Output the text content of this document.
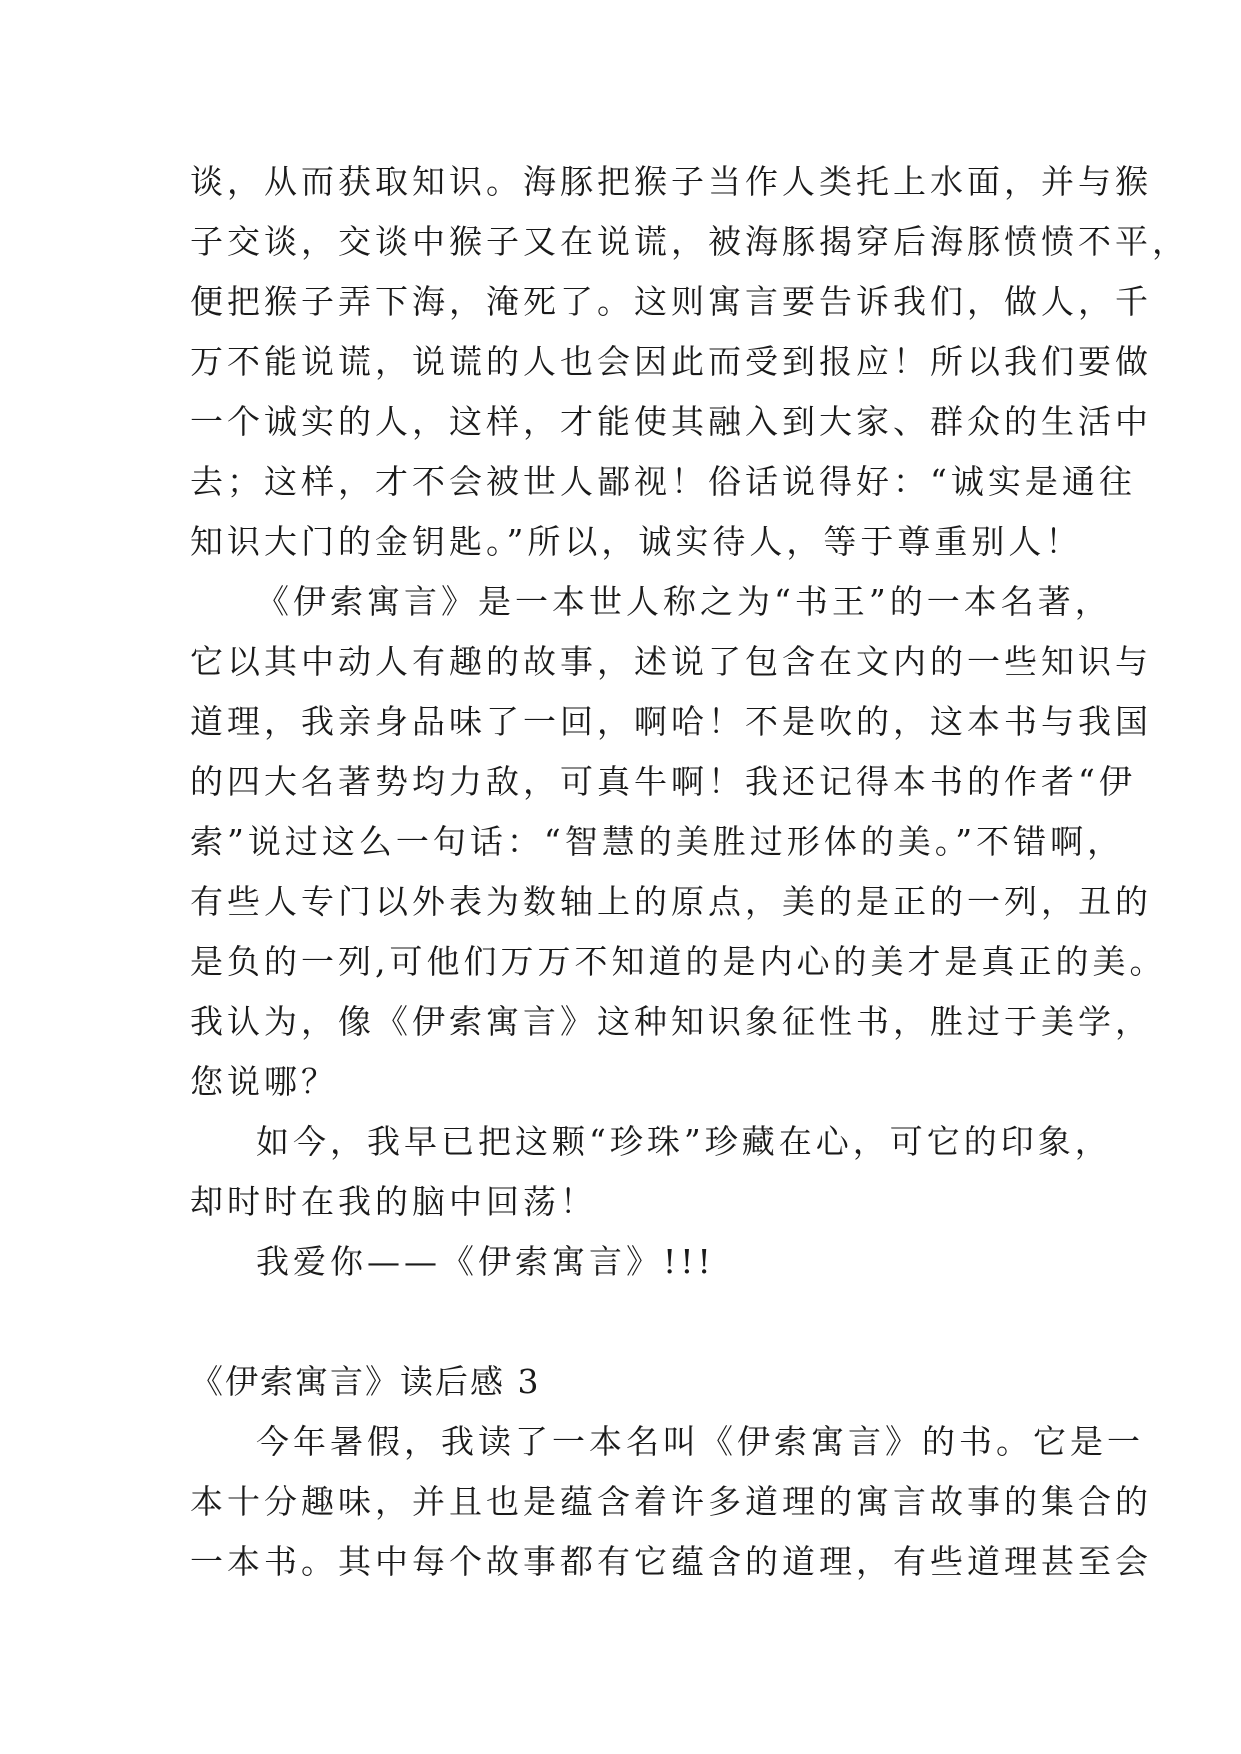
谈，从而获取知识。海豚把猴子当作人类托上水面，并与猴
子交谈，交谈中猴子又在说谎，被海豚揭穿后海豚愤愤不平，
便把猴子弄下海，淹死了。这则寓言要告诉我们，做人，千
万不能说谎，说谎的人也会因此而受到报应！所以我们要做
一个诚实的人，这样，才能使其融入到大家、群众的生活中
去；这样，才不会被世人鄙视！俗话说得好：“诚实是通往
知识大门的金钥匙。”所以，诚实待人，等于尊重别人！
《伊索寓言》是一本世人称之为“书王”的一本名著，
它以其中动人有趣的故事，述说了包含在文内的一些知识与
道理，我亲身品味了一回，啊哈！不是吹的，这本书与我国
的四大名著势均力敌，可真牛啊！我还记得本书的作者“伊
索”说过这么一句话：“智慧的美胜过形体的美。”不错啊，
有些人专门以外表为数轴上的原点，美的是正的一列，丑的
是负的一列,可他们万万不知道的是内心的美才是真正的美。
我认为，像《伊索寓言》这种知识象征性书，胜过于美学，
您说哪？
如今，我早已把这颗“珍珠”珍藏在心，可它的印象，
却时时在我的脑中回荡！
我爱你——《伊索寓言》!!!
《伊索寓言》读后感 3
今年暑假，我读了一本名叫《伊索寓言》的书。它是一
本十分趣味，并且也是蕴含着许多道理的寓言故事的集合的
一本书。其中每个故事都有它蕴含的道理，有些道理甚至会
